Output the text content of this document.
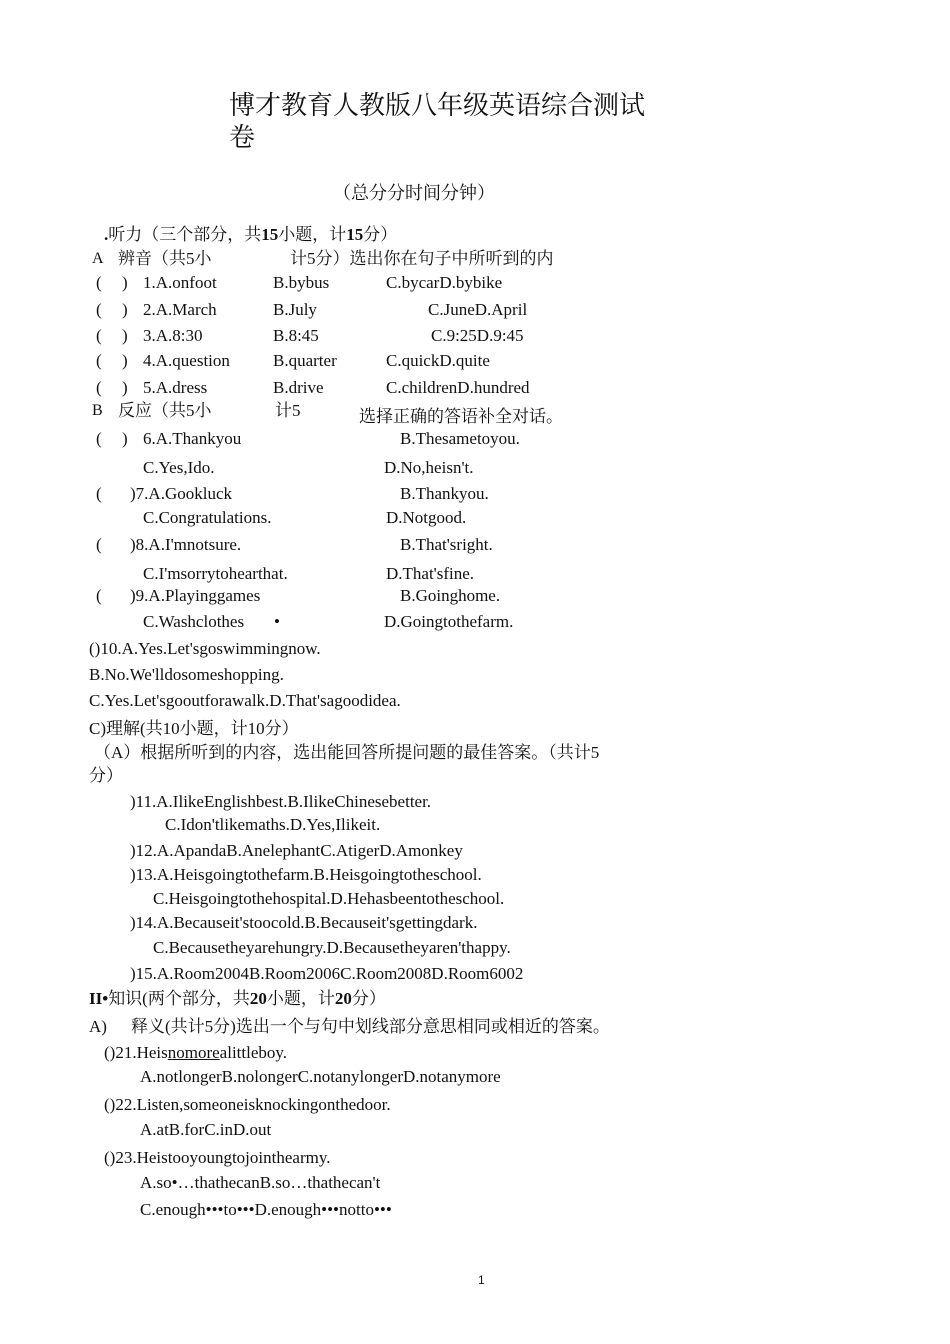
博才教育人教版八年级英语综合测试
卷
（总分分时间分钟）
.听力（三个部分，共15小题，计15分）
A 辨音（共5小	计5分）选出你在句子中所听到的内
( ) 1.A.onfoot	B.bybus	C.bycarD.bybike
( ) 2.A.March	B.July	C.JuneD.April
( ) 3.A.8:30	B.8:45	C.9:25D.9:45
( ) 4.A.question	B.quarter	C.quickD.quite
( ) 5.A.dress	B.drive	C.childrenD.hundred
B 反应（共5小	计5	选择正确的答语补全对话。
( ) 6.A.Thankyou	B.Thesametoyou.
C.Yes,Ido.	D.No,heisn't.
( )7.A.Gookluck	B.Thankyou.
C.Congratulations.	D.Notgood.
( )8.A.I'mnotsure.	B.That'sright.
C.I'msorrytohearthat.	D.That'sfine.
( )9.A.Playinggames	B.Goinghome.
C.Washclothes •	D.Goingtothefarm.
()10.A.Yes.Let'sgoswimmingnow.
B.No.We'lldosomeshopping.
C.Yes.Let'sgooutforawalk.D.That'sagoodidea.
C)理解(共10小题，计10分）
（A）根据所听到的内容，选出能回答所提问题的最佳答案。（共计5
分）
)11.A.IlikeEnglishbest.B.IlikeChinesebetter.
C.Idon'tlikemaths.D.Yes,Ilikeit.
)12.A.ApandaB.AnelephantC.AtigerD.Amonkey
)13.A.Heisgoingtothefarm.B.Heisgoingtotheschool.
C.Heisgoingtothehospital.D.Hehasbeentotheschool.
)14.A.Becauseit'stoocold.B.Becauseit'sgettingdark.
C.Becausetheyarehungry.D.Becausetheyaren'thappy.
)15.A.Room2004B.Room2006C.Room2008D.Room6002
II•知识(两个部分，共20小题，计20分）
A) 释义(共计5分)选出一个与句中划线部分意思相同或相近的答案。
()21.Heisnomorealittleboy.
A.notlongerB.nolongerC.notanylongerD.notanymore
()22.Listen,someoneisknockingonthedoor.
A.atB.forC.inD.out
()23.Heistooyoungtojointhearmy.
A.so•…thathecanB.so…thathecan't
C.enough•••to•••D.enough•••notto•••
1
